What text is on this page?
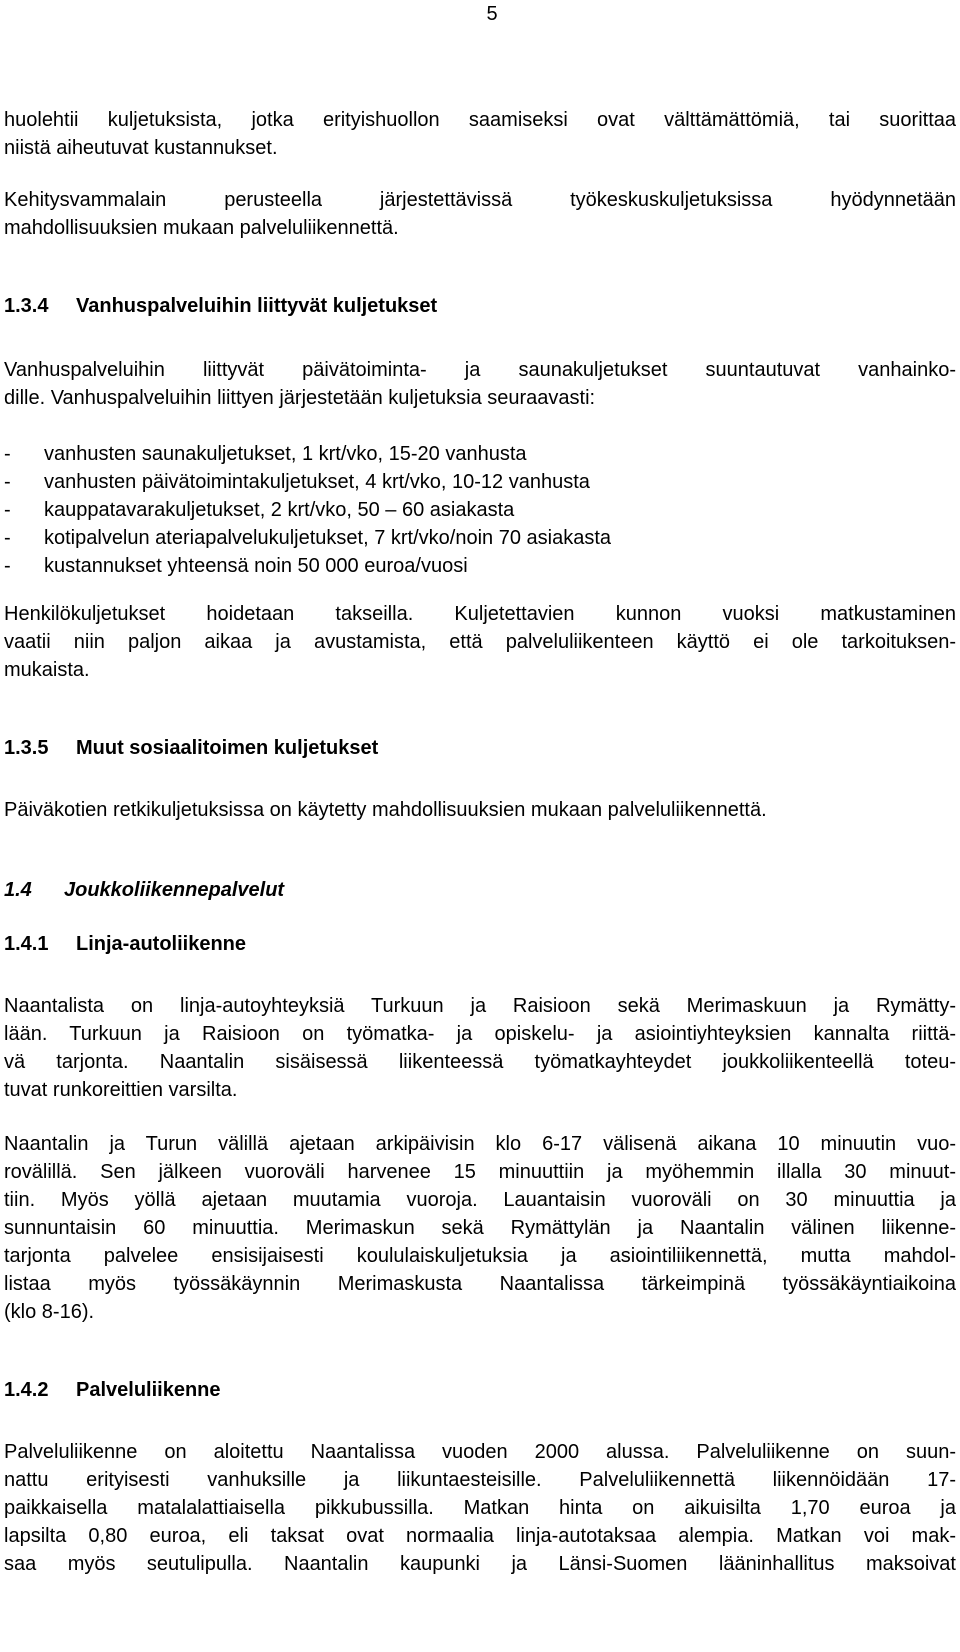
5

huolehtii kuljetuksista, jotka erityishuollon saamiseksi ovat välttämättömiä, tai suorittaa

niistä aiheutuvat kustannukset.

Kehitysvammalain perusteella järjestettävissä työkeskuskuljetuksissa hyödynnetään

mahdollisuuksien mukaan palveluliikennettä.

1.3.4 Vanhuspalveluihin liittyvät kuljetukset

Vanhuspalveluihin liittyvät päivätoiminta- ja saunakuljetukset suuntautuvat vanhainko-

dille. Vanhuspalveluihin liittyen järjestetään kuljetuksia seuraavasti:

- vanhusten saunakuljetukset, 1 krt/vko, 15-20 vanhusta

- vanhusten päivätoimintakuljetukset, 4 krt/vko, 10-12 vanhusta

- kauppatavarakuljetukset, 2 krt/vko, 50 – 60 asiakasta

- kotipalvelun ateriapalvelukuljetukset, 7 krt/vko/noin 70 asiakasta

- kustannukset yhteensä noin 50 000 euroa/vuosi

Henkilökuljetukset hoidetaan takseilla. Kuljetettavien kunnon vuoksi matkustaminen

vaatii niin paljon aikaa ja avustamista, että palveluliikenteen käyttö ei ole tarkoituksen-

mukaista.

1.3.5 Muut sosiaalitoimen kuljetukset

Päiväkotien retkikuljetuksissa on käytetty mahdollisuuksien mukaan palveluliikennettä.

1.4 Joukkoliikennepalvelut

1.4.1 Linja-autoliikenne

Naantalista on linja-autoyhteyksiä Turkuun ja Raisioon sekä Merimaskuun ja Rymätty-

lään. Turkuun ja Raisioon on työmatka- ja opiskelu- ja asiointiyhteyksien kannalta riittä-

vä tarjonta. Naantalin sisäisessä liikenteessä työmatkayhteydet joukkoliikenteellä toteu-

tuvat runkoreittien varsilta.

Naantalin ja Turun välillä ajetaan arkipäivisin klo 6-17 välisenä aikana 10 minuutin vuo-

rovälillä. Sen jälkeen vuoroväli harvenee 15 minuuttiin ja myöhemmin illalla 30 minuut-

tiin. Myös yöllä ajetaan muutamia vuoroja. Lauantaisin vuoroväli on 30 minuuttia ja

sunnuntaisin 60 minuuttia. Merimaskun sekä Rymättylän ja Naantalin välinen liikenne-

tarjonta palvelee ensisijaisesti koululaiskuljetuksia ja asiointiliikennettä, mutta mahdol-

listaa myös työssäkäynnin Merimaskusta Naantalissa tärkeimpinä työssäkäyntiaikoina

(klo 8-16).

1.4.2 Palveluliikenne

Palveluliikenne on aloitettu Naantalissa vuoden 2000 alussa. Palveluliikenne on suun-

nattu erityisesti vanhuksille ja liikuntaesteisille. Palveluliikennettä liikennöidään 17-

paikkaisella matalalattiaisella pikkubussilla. Matkan hinta on aikuisilta 1,70 euroa ja

lapsilta 0,80 euroa, eli taksat ovat normaalia linja-autotaksaa alempia. Matkan voi mak-

saa myös seutulipulla. Naantalin kaupunki ja Länsi-Suomen lääninhallitus maksoivat
